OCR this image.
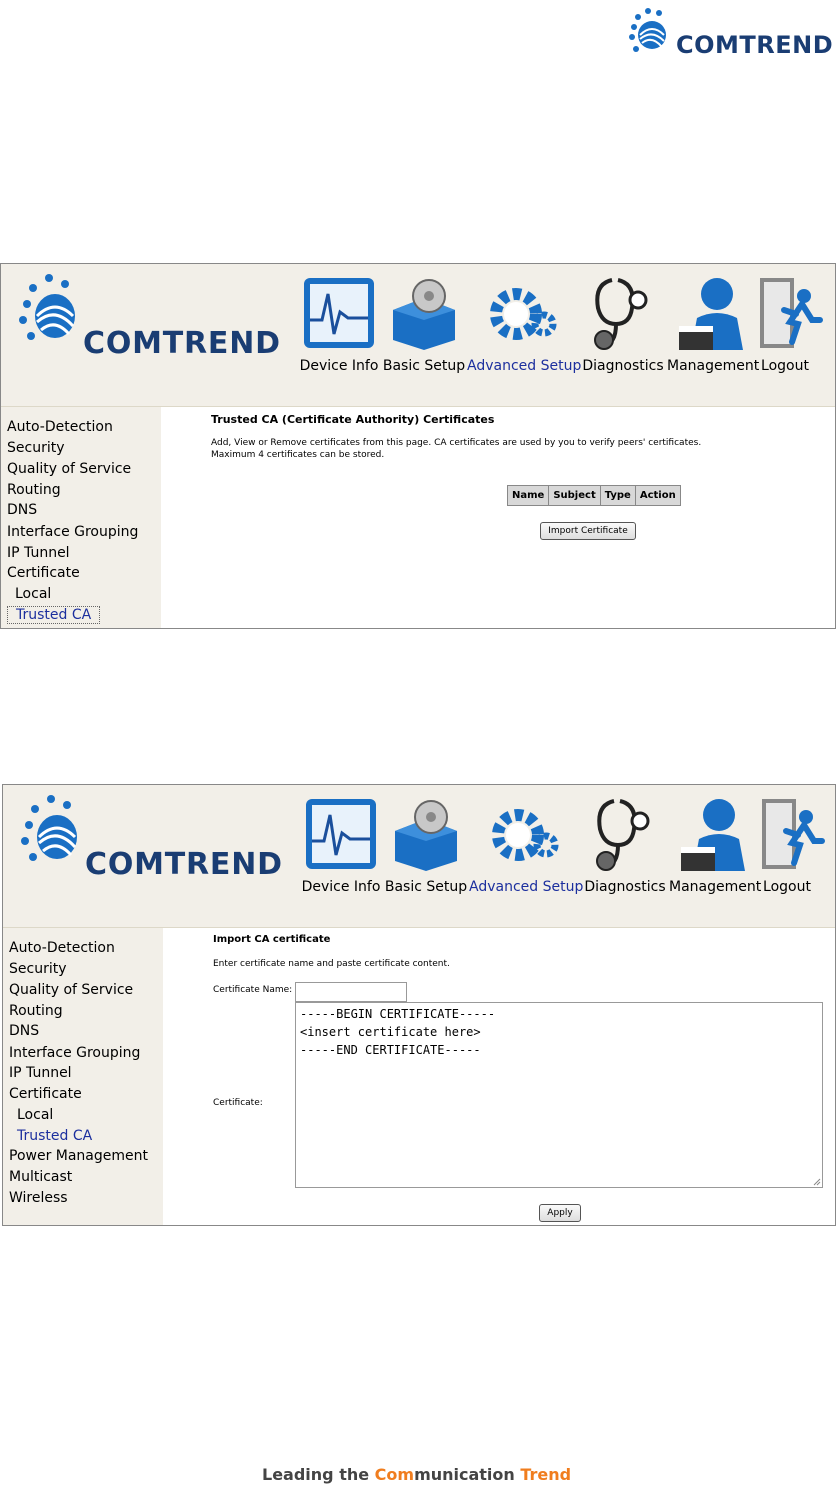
COMTREND
COMTREND
Device Info Basic Setup Advanced Setup Diagnostics Management Logout
Auto-Detection
Security
Quality of Service
Routing
DNS
Interface Grouping
IP Tunnel
Certificate
Local
Trusted CA
Trusted CA (Certificate Authority) Certificates
Add, View or Remove certificates from this page. CA certificates are used by you to verify peers' certificates.
Maximum 4 certificates can be stored.
Name	Subject	Type	Action
Import Certificate
COMTREND
Device Info Basic Setup Advanced Setup Diagnostics Management Logout
Auto-Detection
Security
Quality of Service
Routing
DNS
Interface Grouping
IP Tunnel
Certificate
Local
Trusted CA
Power Management
Multicast
Wireless
Import CA certificate
Enter certificate name and paste certificate content.
Certificate Name:
Certificate:
-----BEGIN CERTIFICATE-----
<insert certificate here>
-----END CERTIFICATE-----
Apply
Leading the Communication Trend
